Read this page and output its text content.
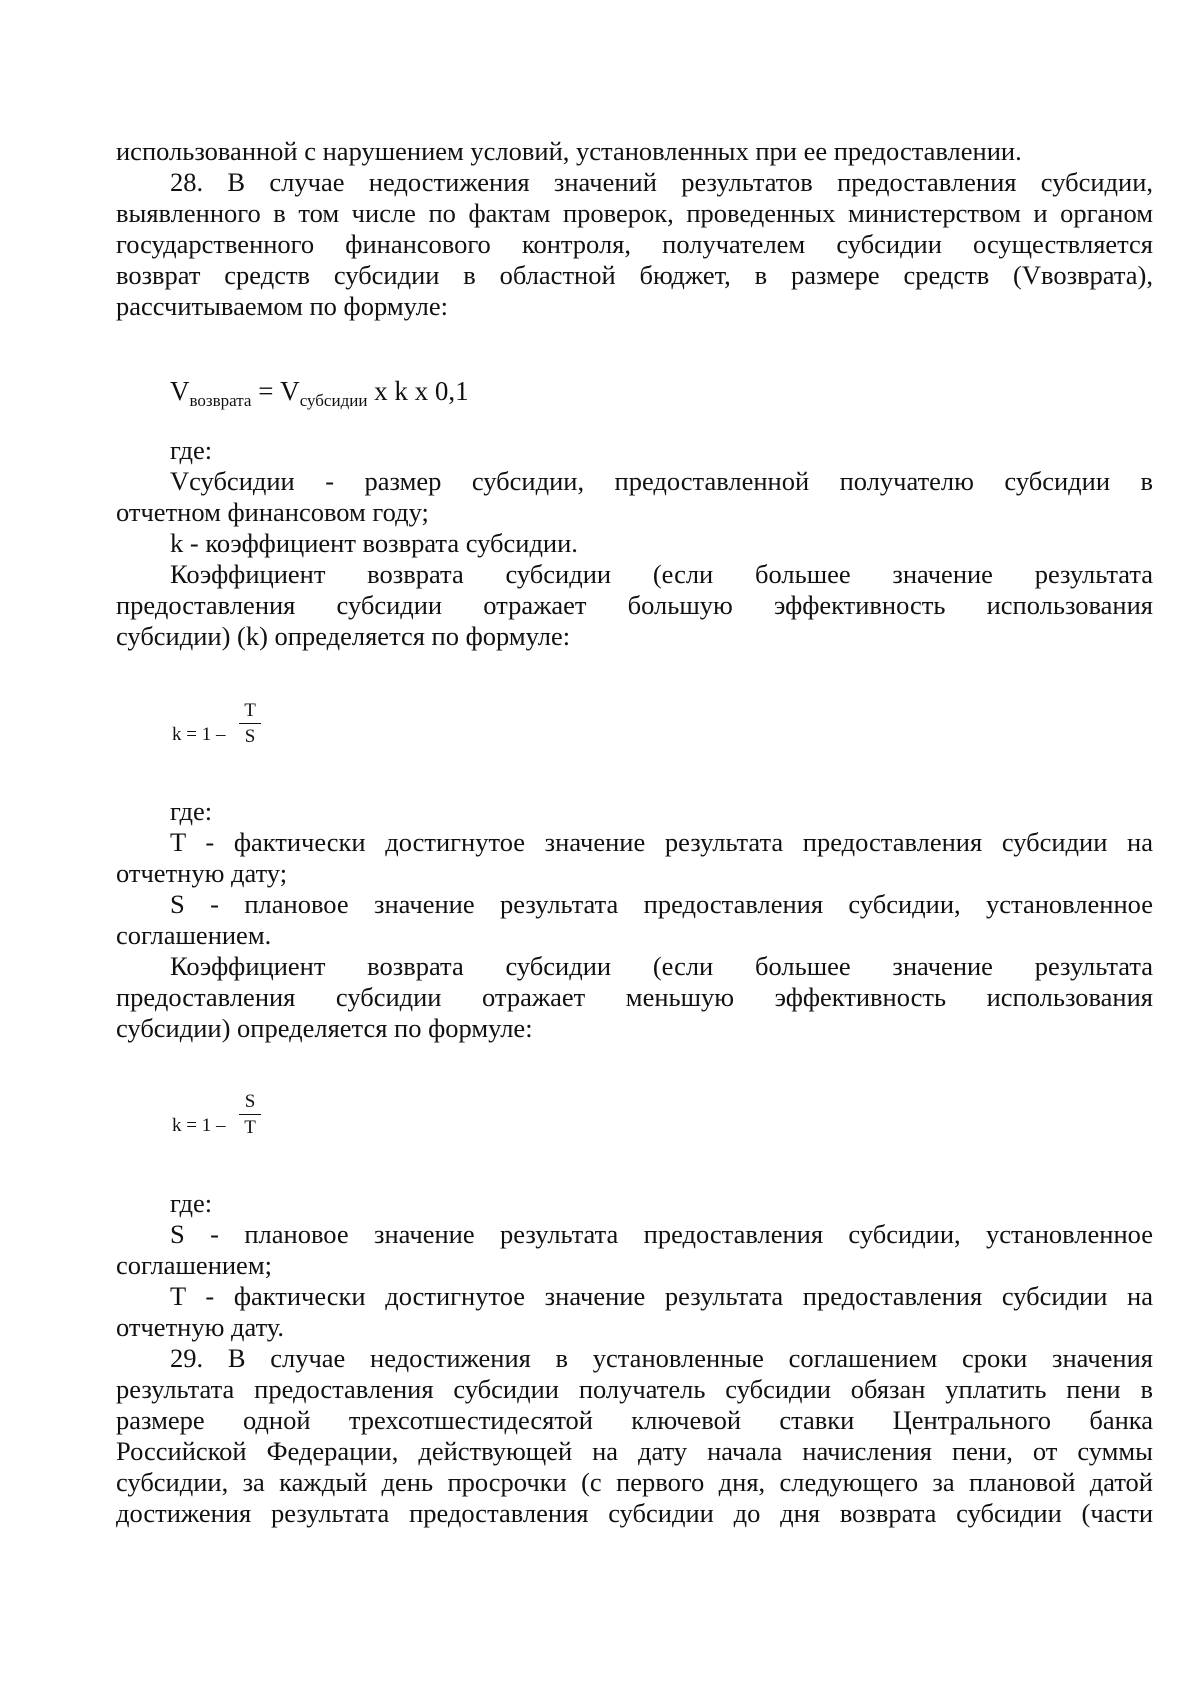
использованной с нарушением условий, установленных при ее предоставлении.
28. В случае недостижения значений результатов предоставления субсидии,
выявленного в том числе по фактам проверок, проведенных министерством и органом
государственного финансового контроля, получателем субсидии осуществляется
возврат средств субсидии в областной бюджет, в размере средств (Vвозврата),
рассчитываемом по формуле:
$V_{возврата} = V_{субсидии}$ x k x 0,1
где:
Vсубсидии - размер субсидии, предоставленной получателю субсидии в
отчетном финансовом году;
k - коэффициент возврата субсидии.
Коэффициент возврата субсидии (если большее значение результата
предоставления субсидии отражает большую эффективность использования
субсидии) (k) определяется по формуле:
k = 1 –
T
S
где:
T - фактически достигнутое значение результата предоставления субсидии на
отчетную дату;
S - плановое значение результата предоставления субсидии, установленное
соглашением.
Коэффициент возврата субсидии (если большее значение результата
предоставления субсидии отражает меньшую эффективность использования
субсидии) определяется по формуле:
k = 1 –
S
T
где:
S - плановое значение результата предоставления субсидии, установленное
соглашением;
T - фактически достигнутое значение результата предоставления субсидии на
отчетную дату.
29. В случае недостижения в установленные соглашением сроки значения
результата предоставления субсидии получатель субсидии обязан уплатить пени в
размере одной трехсотшестидесятой ключевой ставки Центрального банка
Российской Федерации, действующей на дату начала начисления пени, от суммы
субсидии, за каждый день просрочки (с первого дня, следующего за плановой датой
достижения результата предоставления субсидии до дня возврата субсидии (части
